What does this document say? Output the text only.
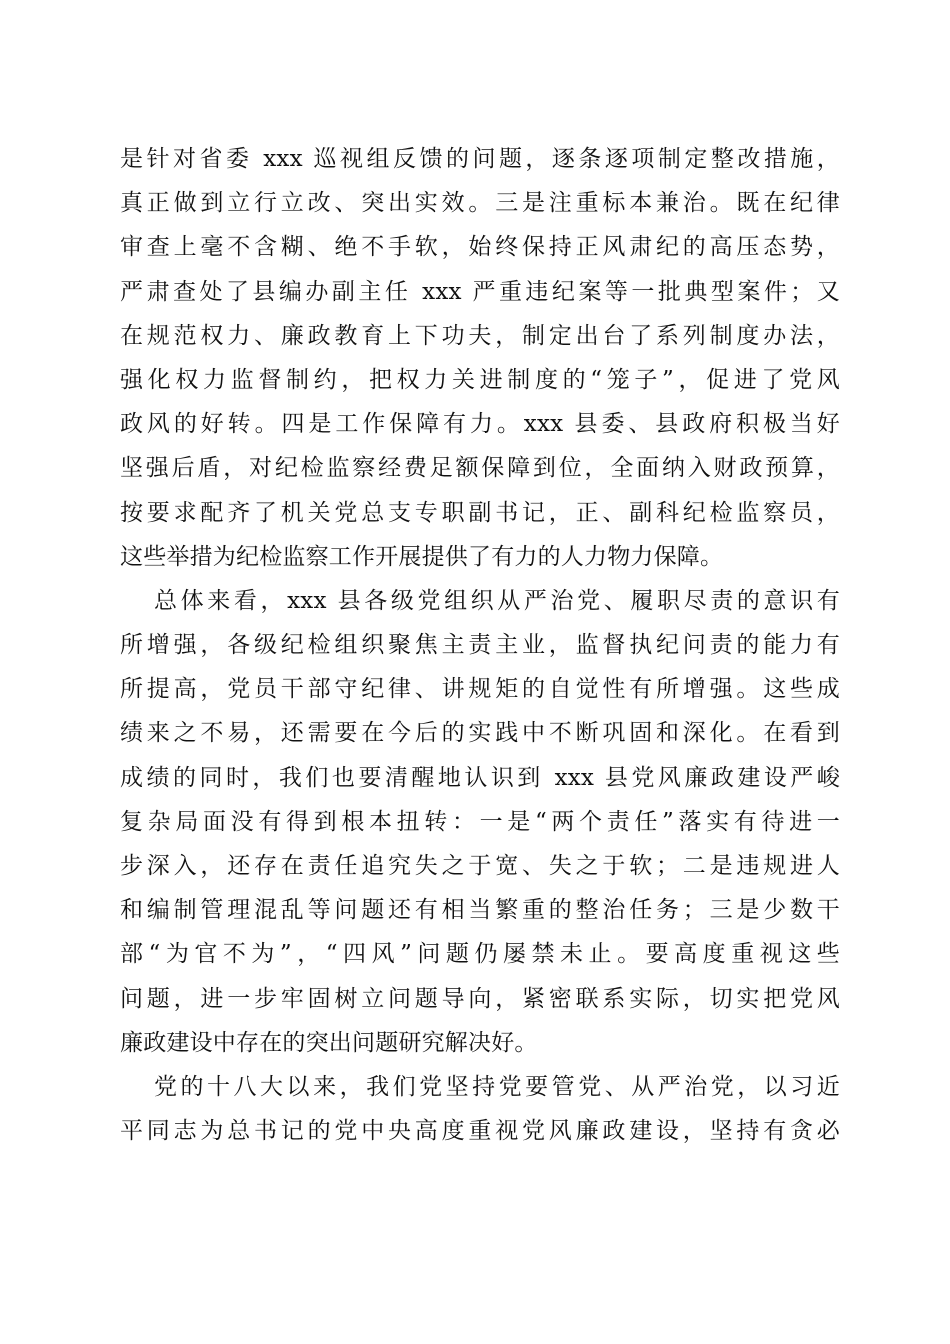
是针对省委 xxx 巡视组反馈的问题，逐条逐项制定整改措施，
真正做到立行立改、突出实效。三是注重标本兼治。既在纪律
审查上毫不含糊、绝不手软，始终保持正风肃纪的高压态势，
严肃查处了县编办副主任 xxx 严重违纪案等一批典型案件；又
在规范权力、廉政教育上下功夫，制定出台了系列制度办法，
强化权力监督制约，把权力关进制度的“笼子”，促进了党风
政风的好转。四是工作保障有力。xxx 县委、县政府积极当好
坚强后盾，对纪检监察经费足额保障到位，全面纳入财政预算，
按要求配齐了机关党总支专职副书记，正、副科纪检监察员，
这些举措为纪检监察工作开展提供了有力的人力物力保障。
总体来看，xxx 县各级党组织从严治党、履职尽责的意识有
所增强，各级纪检组织聚焦主责主业，监督执纪问责的能力有
所提高，党员干部守纪律、讲规矩的自觉性有所增强。这些成
绩来之不易，还需要在今后的实践中不断巩固和深化。在看到
成绩的同时，我们也要清醒地认识到 xxx 县党风廉政建设严峻
复杂局面没有得到根本扭转：一是“两个责任”落实有待进一
步深入，还存在责任追究失之于宽、失之于软；二是违规进人
和编制管理混乱等问题还有相当繁重的整治任务；三是少数干
部“为官不为”，“四风”问题仍屡禁未止。要高度重视这些
问题，进一步牢固树立问题导向，紧密联系实际，切实把党风
廉政建设中存在的突出问题研究解决好。
党的十八大以来，我们党坚持党要管党、从严治党，以习近
平同志为总书记的党中央高度重视党风廉政建设，坚持有贪必
